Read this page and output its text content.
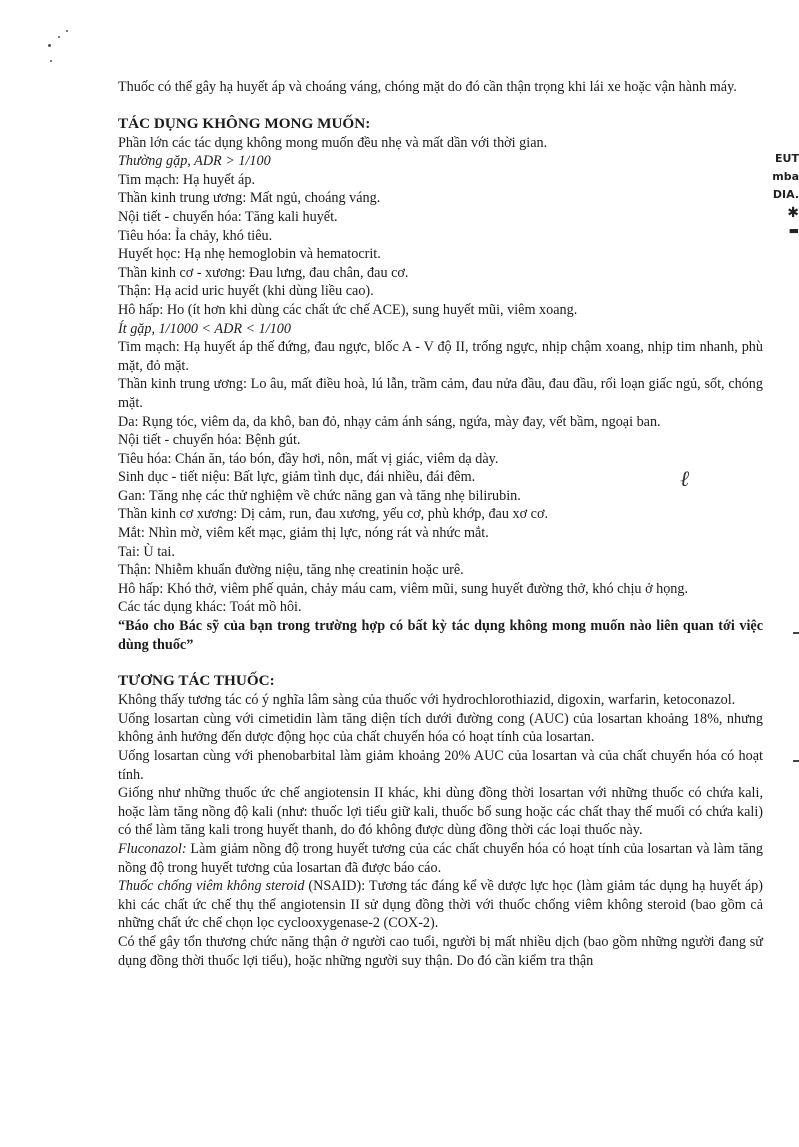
EUT
mba
DIA.
✱
▬
ℓ

Thuốc có thể gây hạ huyết áp và choáng váng, chóng mặt do đó cần thận trọng khi lái xe hoặc vận hành máy.

TÁC DỤNG KHÔNG MONG MUỐN:

Phần lớn các tác dụng không mong muốn đều nhẹ và mất dần với thời gian.

Thường gặp, ADR > 1/100

Tim mạch: Hạ huyết áp.

Thần kinh trung ương: Mất ngủ, choáng váng.

Nội tiết - chuyển hóa: Tăng kali huyết.

Tiêu hóa: Ỉa chảy, khó tiêu.

Huyết học: Hạ nhẹ hemoglobin và hematocrit.

Thần kinh cơ - xương: Đau lưng, đau chân, đau cơ.

Thận: Hạ acid uric huyết (khi dùng liều cao).

Hô hấp: Ho (ít hơn khi dùng các chất ức chế ACE), sung huyết mũi, viêm xoang.

Ít gặp, 1/1000 < ADR < 1/100

Tim mạch: Hạ huyết áp thế đứng, đau ngực, blốc A - V độ II, trống ngực, nhịp chậm xoang, nhịp tim nhanh, phù mặt, đỏ mặt.

Thần kinh trung ương: Lo âu, mất điều hoà, lú lẫn, trầm cảm, đau nửa đầu, đau đầu, rối loạn giấc ngủ, sốt, chóng mặt.

Da: Rụng tóc, viêm da, da khô, ban đỏ, nhạy cảm ánh sáng, ngứa, mày đay, vết bầm, ngoại ban.

Nội tiết - chuyển hóa: Bệnh gút.

Tiêu hóa: Chán ăn, táo bón, đầy hơi, nôn, mất vị giác, viêm dạ dày.

Sinh dục - tiết niệu: Bất lực, giảm tình dục, đái nhiều, đái đêm.

Gan: Tăng nhẹ các thử nghiệm về chức năng gan và tăng nhẹ bilirubin.

Thần kinh cơ xương: Dị cảm, run, đau xương, yếu cơ, phù khớp, đau xơ cơ.

Mắt: Nhìn mờ, viêm kết mạc, giảm thị lực, nóng rát và nhức mắt.

Tai: Ù tai.

Thận: Nhiễm khuẩn đường niệu, tăng nhẹ creatinin hoặc urê.

Hô hấp: Khó thở, viêm phế quản, chảy máu cam, viêm mũi, sung huyết đường thở, khó chịu ở họng.

Các tác dụng khác: Toát mồ hôi.

“Báo cho Bác sỹ của bạn trong trường hợp có bất kỳ tác dụng không mong muốn nào liên quan tới việc dùng thuốc”

TƯƠNG TÁC THUỐC:

Không thấy tương tác có ý nghĩa lâm sàng của thuốc với hydrochlorothiazid, digoxin, warfarin, ketoconazol.

Uống losartan cùng với cimetidin làm tăng diện tích dưới đường cong (AUC) của losartan khoảng 18%, nhưng không ảnh hưởng đến dược động học của chất chuyển hóa có hoạt tính của losartan.

Uống losartan cùng với phenobarbital làm giảm khoảng 20% AUC của losartan và của chất chuyển hóa có hoạt tính.

Giống như những thuốc ức chế angiotensin II khác, khi dùng đồng thời losartan với những thuốc có chứa kali, hoặc làm tăng nồng độ kali (như: thuốc lợi tiểu giữ kali, thuốc bổ sung hoặc các chất thay thế muối có chứa kali) có thể làm tăng kali trong huyết thanh, do đó không được dùng đồng thời các loại thuốc này.

Fluconazol: Làm giảm nồng độ trong huyết tương của các chất chuyển hóa có hoạt tính của losartan và làm tăng nồng độ trong huyết tương của losartan đã được báo cáo.

Thuốc chống viêm không steroid (NSAID): Tương tác đáng kể về dược lực học (làm giảm tác dụng hạ huyết áp) khi các chất ức chế thụ thể angiotensin II sử dụng đồng thời với thuốc chống viêm không steroid (bao gồm cả những chất ức chế chọn lọc cyclooxygenase-2 (COX-2).

Có thể gây tổn thương chức năng thận ở người cao tuổi, người bị mất nhiều dịch (bao gồm những người đang sử dụng đồng thời thuốc lợi tiểu), hoặc những người suy thận. Do đó cần kiểm tra thận
